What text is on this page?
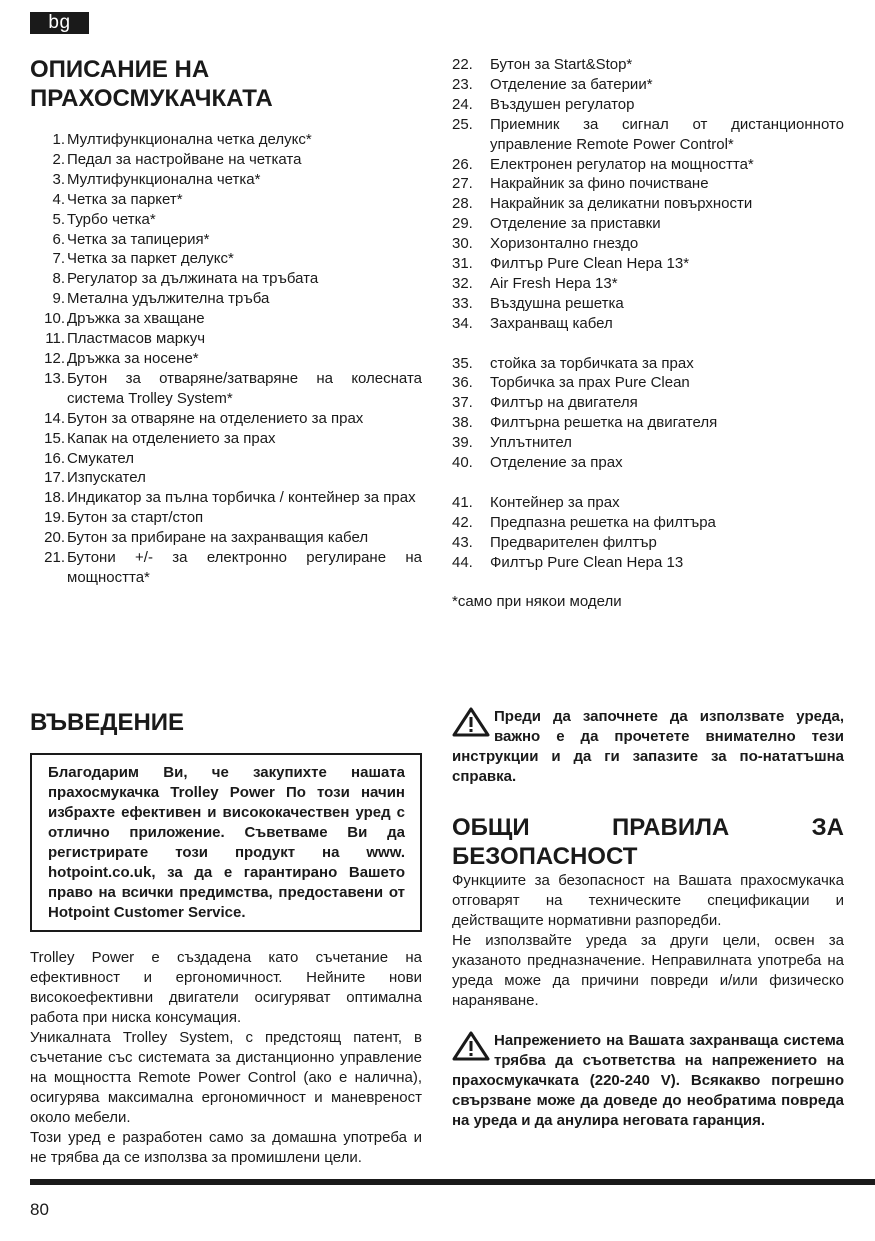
bg
ОПИСАНИЕ НА
ПРАХОСМУКАЧКАТА
1. Мултифункционална четка делукс*
2. Педал за настройване на четката
3. Мултифункционална четка*
4. Четка за паркет*
5. Турбо четка*
6. Четка за тапицерия*
7. Четка за паркет делукс*
8. Регулатор за дължината на тръбата
9. Метална удължителна тръба
10. Дръжка за хващане
11. Пластмасов маркуч
12. Дръжка за носене*
13. Бутон за отваряне/затваряне на колесната система Trolley System*
14. Бутон за отваряне на отделението за прах
15. Капак на отделението за прах
16. Смукател
17. Изпускател
18. Индикатор за пълна торбичка / контейнер за прах
19. Бутон за старт/стоп
20. Бутон за прибиране на захранващия кабел
21. Бутони +/- за електронно регулиране на мощността*
22.	Бутон за Start&Stop*
23.	Отделение за батерии*
24.	Въздушен регулатор
25.	Приемник за сигнал от дистанционното управление Remote Power Control*
26.	Електронен регулатор на мощността*
27.	Накрайник за фино почистване
28.	Накрайник за деликатни повърхности
29.	Отделение за приставки
30.	Хоризонтално гнездо
31.	Филтър Pure Clean Hepa 13*
32.	Air Fresh Hepa 13*
33.	Въздушна решетка
34.	Захранващ кабел
35.	стойка за торбичката за прах
36.	Торбичка за прах Pure Clean
37.	Филтър на двигателя
38.	Филтърна решетка на двигателя
39.	Уплътнител
40.	Отделение за прах
41.	Контейнер за прах
42.	Предпазна решетка на филтъра
43.	Предварителен филтър
44.	Филтър Pure Clean Hepa 13
*само при някои модели
ВЪВЕДЕНИЕ
Благодарим Ви, че закупихте нашата прахосмукачка Trolley Power По този начин избрахте ефективен и висококачествен уред с отлично приложение. Съветваме Ви да регистрирате този продукт на www. hotpoint.co.uk, за да е гарантирано Вашето право на всички предимства, предоставени от Hotpoint Customer Service.

Trolley Power е създадена като съчетание на ефективност и ергономичност. Нейните нови високоефективни двигатели осигуряват оптимална работа при ниска консумация.

Уникалната Trolley System, с предстоящ патент, в съчетание със системата за дистанционно управление на мощността Remote Power Control (ако е налична), осигурява максимална ергономичност и маневреност около мебели.

Този уред е разработен само за домашна употреба и не трябва да се използва за промишлени цели.

Преди да започнете да използвате уреда, важно е да прочетете внимателно тези инструкции и да ги запазите за по-нататъшна справка.

ОБЩИ	ПРАВИЛА	ЗА
БЕЗОПАСНОСТ

Функциите за безопасност на Вашата прахосмукачка отговарят на техническите спецификации и действащите нормативни разпоредби.

Не използвайте уреда за други цели, освен за указаното предназначение. Неправилната употреба на уреда може да причини повреди и/или физическо нараняване.

Напрежението на Вашата захранваща система трябва да съответства на напрежението на прахосмукачката (220-240 V). Всякакво погрешно свързване може да доведе до необратима повреда на уреда и да анулира неговата гаранция.

80
